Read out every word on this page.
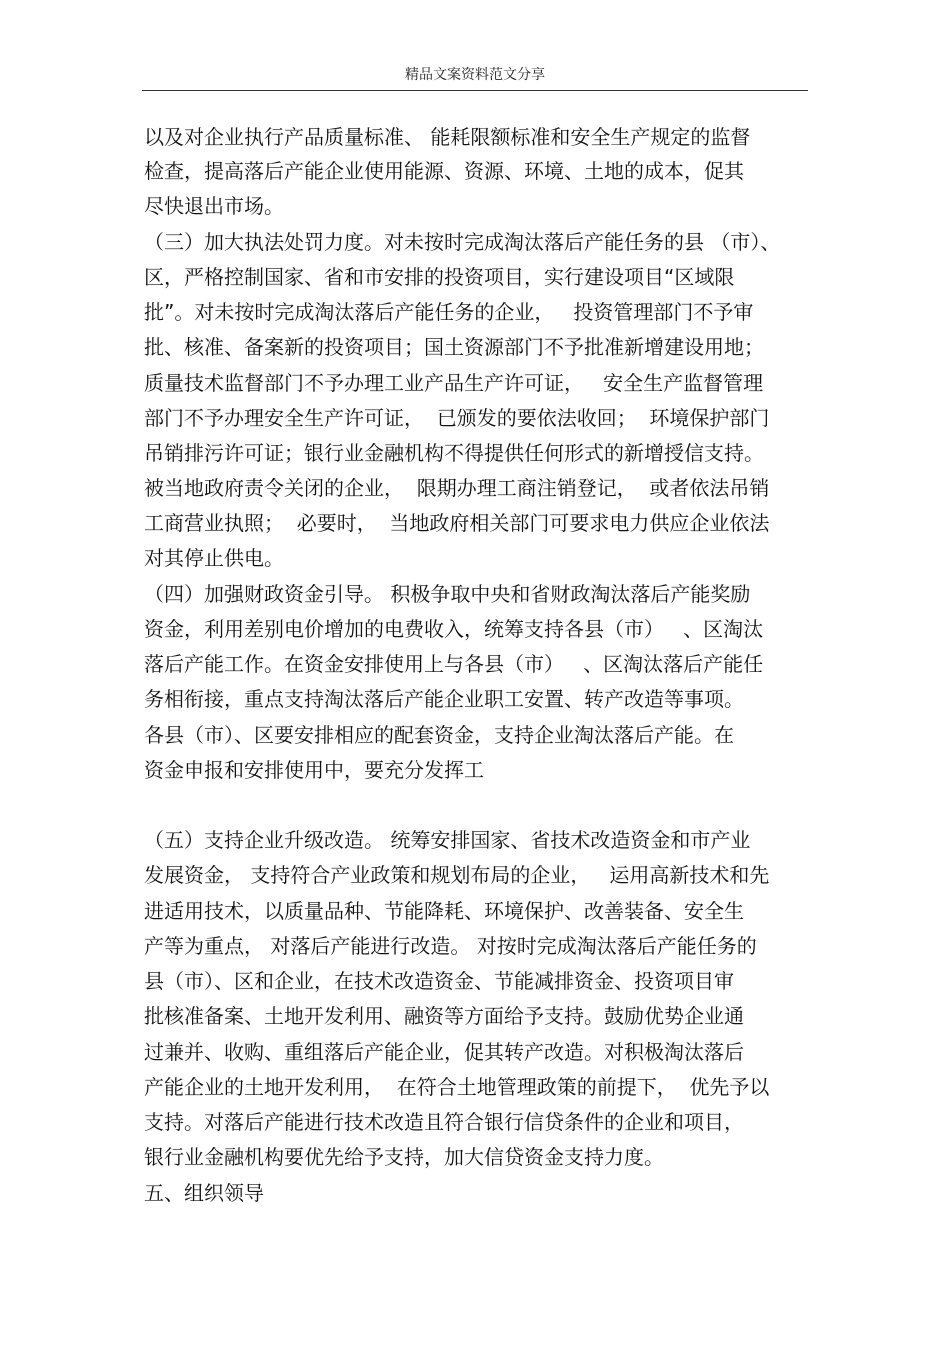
精品文案资料范文分享
以及对企业执行产品质量标准、 能耗限额标准和安全生产规定的监督
检查，提高落后产能企业使用能源、资源、环境、土地的成本，促其
尽快退出市场。
（三）加大执法处罚力度。对未按时完成淘汰落后产能任务的县 （市）、
区，严格控制国家、省和市安排的投资项目，实行建设项目“区域限
批”。对未按时完成淘汰落后产能任务的企业，   投资管理部门不予审
批、核准、备案新的投资项目；国土资源部门不予批准新增建设用地；
质量技术监督部门不予办理工业产品生产许可证，   安全生产监督管理
部门不予办理安全生产许可证，  已颁发的要依法收回；  环境保护部门
吊销排污许可证；银行业金融机构不得提供任何形式的新增授信支持。
被当地政府责令关闭的企业，  限期办理工商注销登记，  或者依法吊销
工商营业执照；  必要时，  当地政府相关部门可要求电力供应企业依法
对其停止供电。
（四）加强财政资金引导。 积极争取中央和省财政淘汰落后产能奖励
资金，利用差别电价增加的电费收入，统筹支持各县（市）   、区淘汰
落后产能工作。在资金安排使用上与各县（市）   、区淘汰落后产能任
务相衔接，重点支持淘汰落后产能企业职工安置、转产改造等事项。
各县（市）、区要安排相应的配套资金，支持企业淘汰落后产能。在
资金申报和安排使用中，要充分发挥工
（五）支持企业升级改造。 统筹安排国家、省技术改造资金和市产业
发展资金， 支持符合产业政策和规划布局的企业，   运用高新技术和先
进适用技术，以质量品种、节能降耗、环境保护、改善装备、安全生
产等为重点， 对落后产能进行改造。 对按时完成淘汰落后产能任务的
县（市）、区和企业，在技术改造资金、节能减排资金、投资项目审
批核准备案、土地开发利用、融资等方面给予支持。鼓励优势企业通
过兼并、收购、重组落后产能企业，促其转产改造。对积极淘汰落后
产能企业的土地开发利用，  在符合土地管理政策的前提下，  优先予以
支持。对落后产能进行技术改造且符合银行信贷条件的企业和项目，
银行业金融机构要优先给予支持，加大信贷资金支持力度。
五、组织领导
